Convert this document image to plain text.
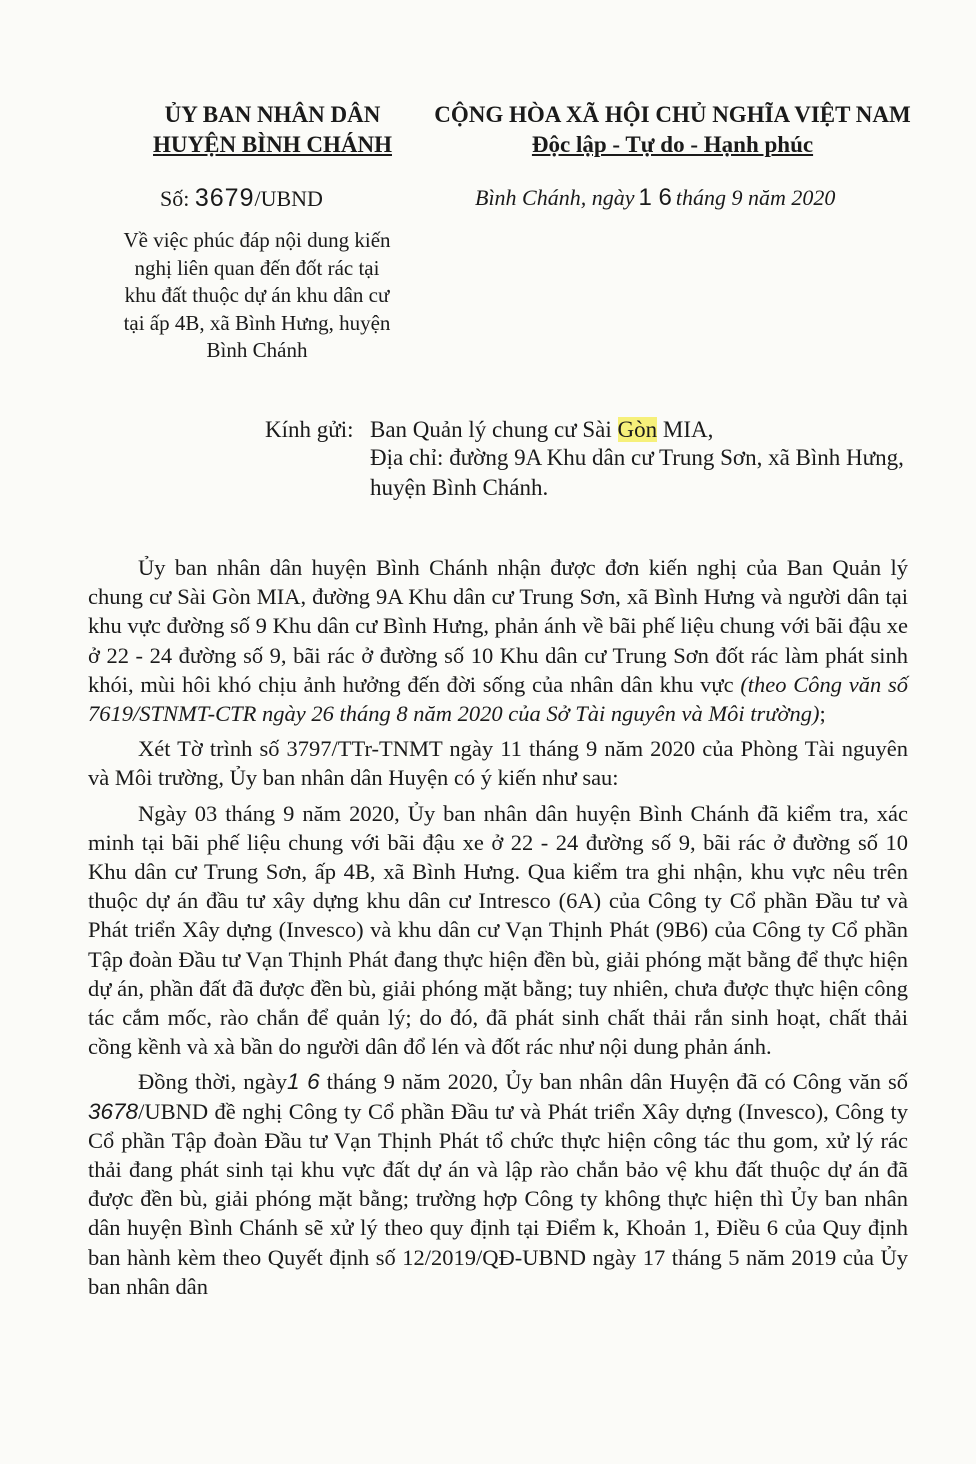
ỦY BAN NHÂN DÂN
HUYỆN BÌNH CHÁNH
CỘNG HÒA XÃ HỘI CHỦ NGHĨA VIỆT NAM
Độc lập - Tự do - Hạnh phúc
Số: 3679/UBND	Bình Chánh, ngày 1 6 tháng 9 năm 2020
Về việc phúc đáp nội dung kiến
nghị liên quan đến đốt rác tại
khu đất thuộc dự án khu dân cư
tại ấp 4B, xã Bình Hưng, huyện
Bình Chánh
Kính gửi: Ban Quản lý chung cư Sài Gòn MIA,
Địa chỉ: đường 9A Khu dân cư Trung Sơn, xã Bình Hưng, huyện Bình Chánh.

Ủy ban nhân dân huyện Bình Chánh nhận được đơn kiến nghị của Ban Quản lý chung cư Sài Gòn MIA, đường 9A Khu dân cư Trung Sơn, xã Bình Hưng và người dân tại khu vực đường số 9 Khu dân cư Bình Hưng, phản ánh về bãi phế liệu chung với bãi đậu xe ở 22 - 24 đường số 9, bãi rác ở đường số 10 Khu dân cư Trung Sơn đốt rác làm phát sinh khói, mùi hôi khó chịu ảnh hưởng đến đời sống của nhân dân khu vực (theo Công văn số 7619/STNMT-CTR ngày 26 tháng 8 năm 2020 của Sở Tài nguyên và Môi trường);

Xét Tờ trình số 3797/TTr-TNMT ngày 11 tháng 9 năm 2020 của Phòng Tài nguyên và Môi trường, Ủy ban nhân dân Huyện có ý kiến như sau:

Ngày 03 tháng 9 năm 2020, Ủy ban nhân dân huyện Bình Chánh đã kiểm tra, xác minh tại bãi phế liệu chung với bãi đậu xe ở 22 - 24 đường số 9, bãi rác ở đường số 10 Khu dân cư Trung Sơn, ấp 4B, xã Bình Hưng. Qua kiểm tra ghi nhận, khu vực nêu trên thuộc dự án đầu tư xây dựng khu dân cư Intresco (6A) của Công ty Cổ phần Đầu tư và Phát triển Xây dựng (Invesco) và khu dân cư Vạn Thịnh Phát (9B6) của Công ty Cổ phần Tập đoàn Đầu tư Vạn Thịnh Phát đang thực hiện đền bù, giải phóng mặt bằng để thực hiện dự án, phần đất đã được đền bù, giải phóng mặt bằng; tuy nhiên, chưa được thực hiện công tác cắm mốc, rào chắn để quản lý; do đó, đã phát sinh chất thải rắn sinh hoạt, chất thải cồng kềnh và xà bần do người dân đổ lén và đốt rác như nội dung phản ánh.

Đồng thời, ngày1 6 tháng 9 năm 2020, Ủy ban nhân dân Huyện đã có Công văn số 3678/UBND đề nghị Công ty Cổ phần Đầu tư và Phát triển Xây dựng (Invesco), Công ty Cổ phần Tập đoàn Đầu tư Vạn Thịnh Phát tổ chức thực hiện công tác thu gom, xử lý rác thải đang phát sinh tại khu vực đất dự án và lập rào chắn bảo vệ khu đất thuộc dự án đã được đền bù, giải phóng mặt bằng; trường hợp Công ty không thực hiện thì Ủy ban nhân dân huyện Bình Chánh sẽ xử lý theo quy định tại Điểm k, Khoản 1, Điều 6 của Quy định ban hành kèm theo Quyết định số 12/2019/QĐ-UBND ngày 17 tháng 5 năm 2019 của Ủy ban nhân dân
